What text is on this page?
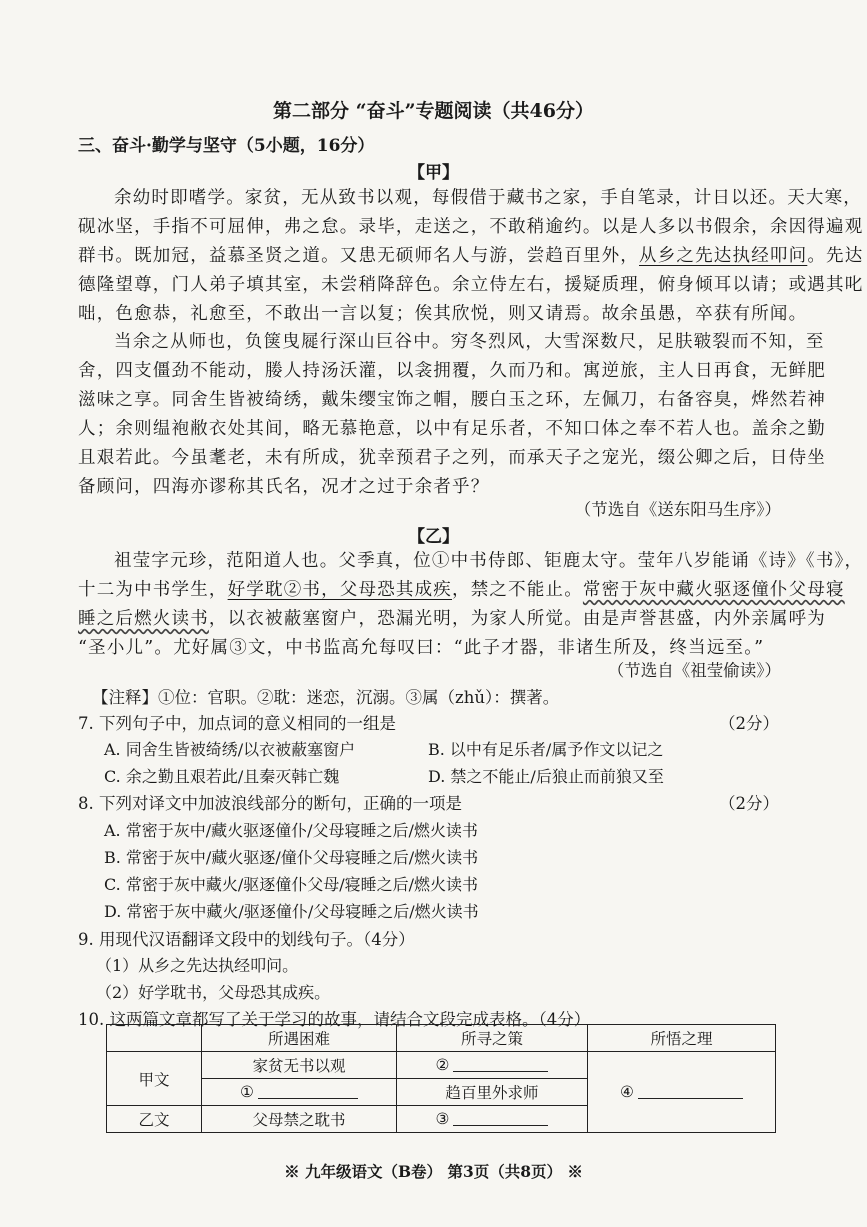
第二部分 “奋斗”专题阅读（共46分）
三、奋斗·勤学与坚守（5小题，16分）
【甲】
余幼时即嗜学。家贫，无从致书以观，每假借于藏书之家，手自笔录，计日以还。天大寒，
砚冰坚，手指不可屈伸，弗之怠。录毕，走送之，不敢稍逾约。以是人多以书假余，余因得遍观
群书。既加冠，益慕圣贤之道。又患无硕师名人与游，尝趋百里外，从乡之先达执经叩问。先达
德隆望尊，门人弟子填其室，未尝稍降辞色。余立侍左右，援疑质理，俯身倾耳以请；或遇其叱
咄，色愈恭，礼愈至，不敢出一言以复；俟其欣悦，则又请焉。故余虽愚，卒获有所闻。
当余之从师也，负箧曳屣行深山巨谷中。穷冬烈风，大雪深数尺，足肤皲裂而不知，至
舍，四支僵劲不能动，媵人持汤沃灌，以衾拥覆，久而乃和。寓逆旅，主人日再食，无鲜肥
滋味之享。同舍生皆被绮绣，戴朱缨宝饰之帽，腰白玉之环，左佩刀，右备容臭，烨然若神
人；余则缊袍敝衣处其间，略无慕艳意，以中有足乐者，不知口体之奉不若人也。盖余之勤
且艰若此。今虽耄老，未有所成，犹幸预君子之列，而承天子之宠光，缀公卿之后，日侍坐
备顾问，四海亦谬称其氏名，况才之过于余者乎？
（节选自《送东阳马生序》）
【乙】
祖莹字元珍，范阳道人也。父季真，位①中书侍郎、钜鹿太守。莹年八岁能诵《诗》《书》，
十二为中书学生，好学耽②书，父母恐其成疾，禁之不能止。常密于灰中藏火驱逐僮仆父母寝
睡之后燃火读书，以衣被蔽塞窗户，恐漏光明，为家人所觉。由是声誉甚盛，内外亲属呼为
“圣小儿”。尤好属③文，中书监高允每叹曰：“此子才器，非诸生所及，终当远至。”
（节选自《祖莹偷读》）
【注释】①位：官职。②耽：迷恋，沉溺。③属（zhǔ）：撰著。
7. 下列句子中，加点词的意义相同的一组是	（2分）
A. 同舍生皆被绮绣/以衣被蔽塞窗户	B. 以中有足乐者/属予作文以记之
C. 余之勤且艰若此/且秦灭韩亡魏	D. 禁之不能止/后狼止而前狼又至
8. 下列对译文中加波浪线部分的断句，正确的一项是	（2分）
A. 常密于灰中/藏火驱逐僮仆/父母寝睡之后/燃火读书
B. 常密于灰中/藏火驱逐/僮仆父母寝睡之后/燃火读书
C. 常密于灰中藏火/驱逐僮仆父母/寝睡之后/燃火读书
D. 常密于灰中藏火/驱逐僮仆/父母寝睡之后/燃火读书
9. 用现代汉语翻译文段中的划线句子。（4分）
（1）从乡之先达执经叩问。
（2）好学耽书，父母恐其成疾。
10. 这两篇文章都写了关于学习的故事，请结合文段完成表格。（4分）
	所遇困难	所寻之策	所悟之理
甲文	家贫无书以观	②	④
	①	趋百里外求师	
乙文	父母禁之耽书	③	
※ 九年级语文（B卷） 第3页（共8页） ※
